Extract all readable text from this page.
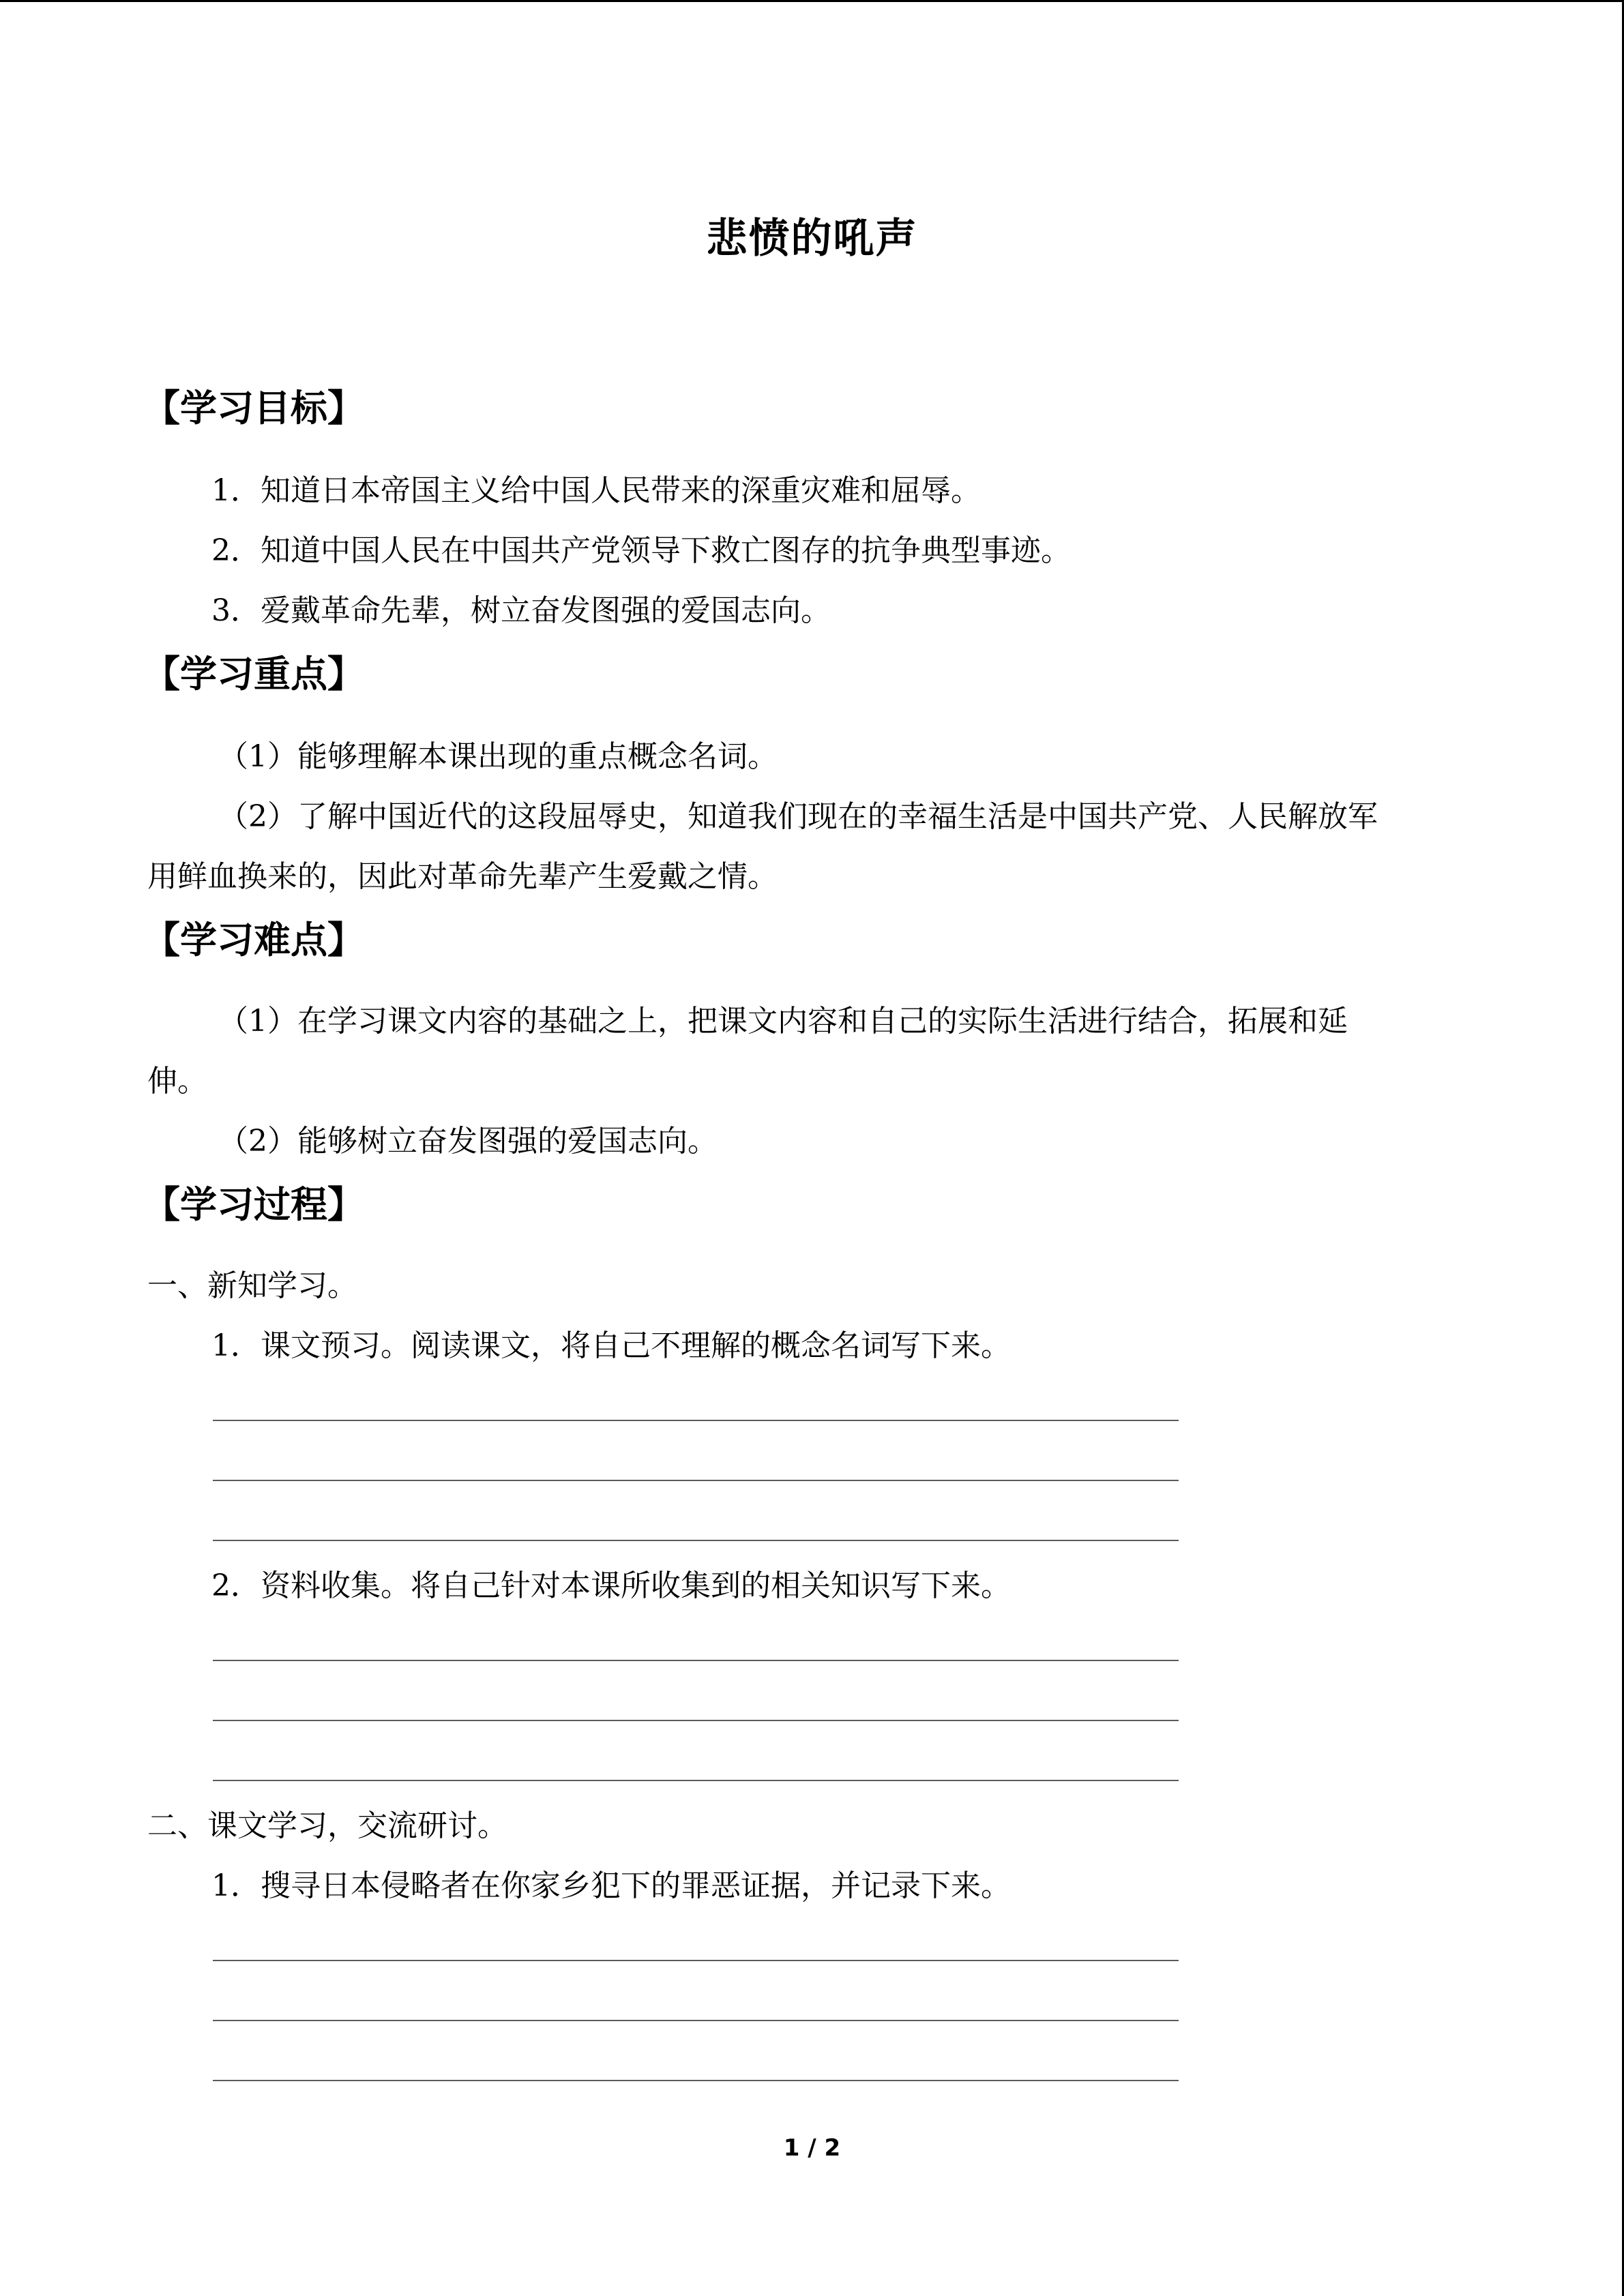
悲愤的吼声
【学习目标】
1．知道日本帝国主义给中国人民带来的深重灾难和屈辱。
2．知道中国人民在中国共产党领导下救亡图存的抗争典型事迹。
3．爱戴革命先辈，树立奋发图强的爱国志向。
【学习重点】
（1）能够理解本课出现的重点概念名词。
（2）了解中国近代的这段屈辱史，知道我们现在的幸福生活是中国共产党、人民解放军
用鲜血换来的，因此对革命先辈产生爱戴之情。
【学习难点】
（1）在学习课文内容的基础之上，把课文内容和自己的实际生活进行结合，拓展和延
伸。
（2）能够树立奋发图强的爱国志向。
【学习过程】
一、新知学习。
1．课文预习。阅读课文，将自己不理解的概念名词写下来。
2．资料收集。将自己针对本课所收集到的相关知识写下来。
二、课文学习，交流研讨。
1．搜寻日本侵略者在你家乡犯下的罪恶证据，并记录下来。
1 / 2
